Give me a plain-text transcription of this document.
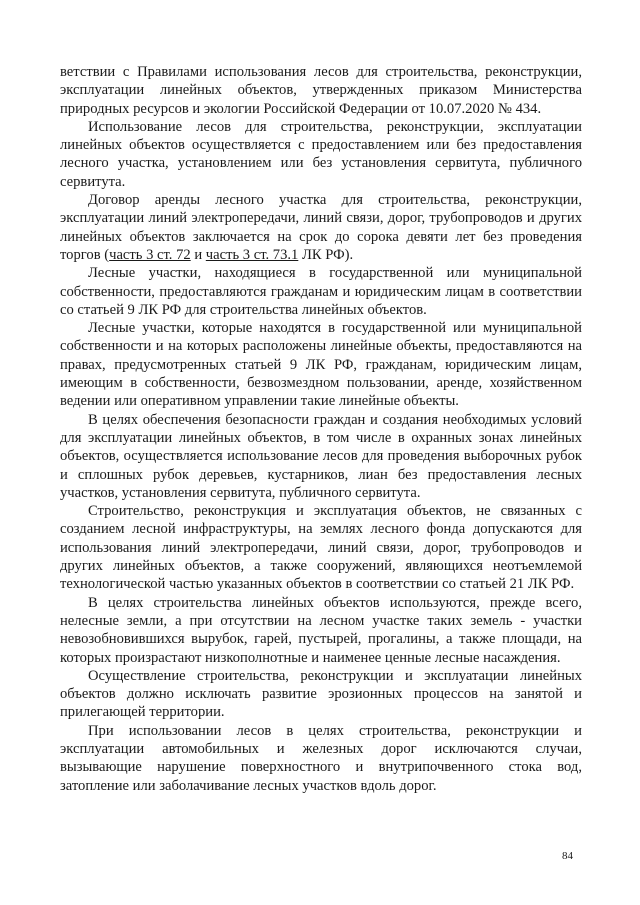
ветствии с Правилами использования лесов для строительства, реконструкции, эксплуатации линейных объектов, утвержденных приказом Министерства природных ресурсов и экологии Российской Федерации от 10.07.2020 № 434.

Использование лесов для строительства, реконструкции, эксплуатации линейных объектов осуществляется с предоставлением или без предоставления лесного участка, установлением или без установления сервитута, публичного сервитута.

Договор аренды лесного участка для строительства, реконструкции, эксплуатации линий электропередачи, линий связи, дорог, трубопроводов и других линейных объектов заключается на срок до сорока девяти лет без проведения торгов (часть 3 ст. 72 и часть 3 ст. 73.1 ЛК РФ).

Лесные участки, находящиеся в государственной или муниципальной собственности, предоставляются гражданам и юридическим лицам в соответствии со статьей 9 ЛК РФ для строительства линейных объектов.

Лесные участки, которые находятся в государственной или муниципальной собственности и на которых расположены линейные объекты, предоставляются на правах, предусмотренных статьей 9 ЛК РФ, гражданам, юридическим лицам, имеющим в собственности, безвозмездном пользовании, аренде, хозяйственном ведении или оперативном управлении такие линейные объекты.

В целях обеспечения безопасности граждан и создания необходимых условий для эксплуатации линейных объектов, в том числе в охранных зонах линейных объектов, осуществляется использование лесов для проведения выборочных рубок и сплошных рубок деревьев, кустарников, лиан без предоставления лесных участков, установления сервитута, публичного сервитута.

Строительство, реконструкция и эксплуатация объектов, не связанных с созданием лесной инфраструктуры, на землях лесного фонда допускаются для использования линий электропередачи, линий связи, дорог, трубопроводов и других линейных объектов, а также сооружений, являющихся неотъемлемой технологической частью указанных объектов в соответствии со статьей 21 ЛК РФ.

В целях строительства линейных объектов используются, прежде всего, нелесные земли, а при отсутствии на лесном участке таких земель - участки невозобновившихся вырубок, гарей, пустырей, прогалины, а также площади, на которых произрастают низкополнотные и наименее ценные лесные насаждения.

Осуществление строительства, реконструкции и эксплуатации линейных объектов должно исключать развитие эрозионных процессов на занятой и прилегающей территории.

При использовании лесов в целях строительства, реконструкции и эксплуатации автомобильных и железных дорог исключаются случаи, вызывающие нарушение поверхностного и внутрипочвенного стока вод, затопление или заболачивание лесных участков вдоль дорог.

84
